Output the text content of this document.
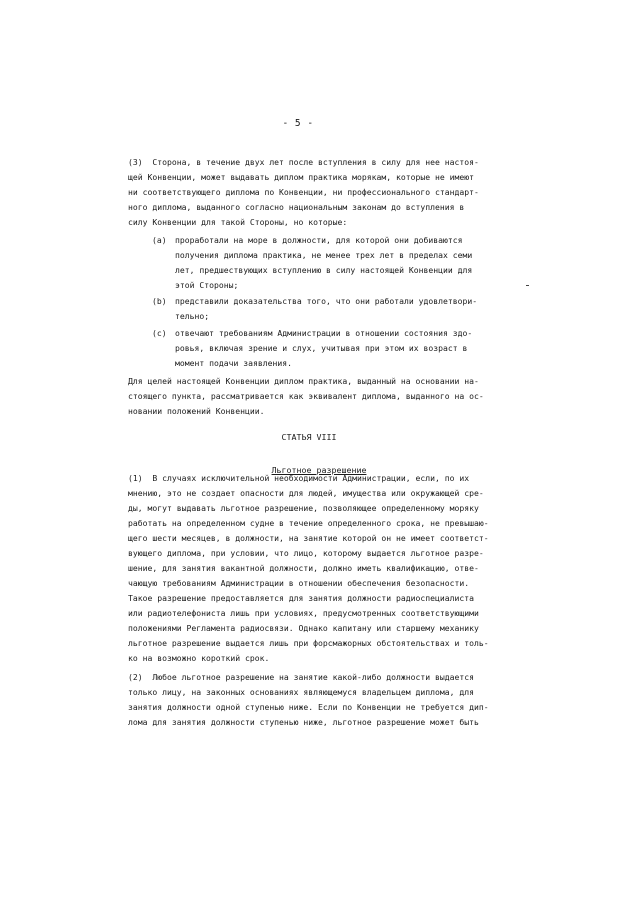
- 5 -
(3)  Сторона, в течение двух лет после вступления в силу для нее настоя-
щей Конвенции, может выдавать диплом практика морякам, которые не имеют
ни соответствующего диплома по Конвенции, ни профессионального стандарт-
ного диплома, выданного согласно национальным законам до вступления в
силу Конвенции для такой Стороны, но которые:
(a) проработали на море в должности, для которой они добиваются
получения диплома практика, не менее трех лет в пределах семи
лет, предшествующих вступлению в силу настоящей Конвенции для
этой Стороны;
(b) представили доказательства того, что они работали удовлетвори-
тельно;
(c) отвечают требованиям Администрации в отношении состояния здо-
ровья, включая зрение и слух, учитывая при этом их возраст в
момент подачи заявления.
Для целей настоящей Конвенции диплом практика, выданный на основании на-
стоящего пункта, рассматривается как эквивалент диплома, выданного на ос-
новании положений Конвенции.
СТАТЬЯ VIII

Льготное разрешение

(1)  В случаях исключительной необходимости Администрации, если, по их
мнению, это не создает опасности для людей, имущества или окружающей сре-
ды, могут выдавать льготное разрешение, позволяющее определенному моряку
работать на определенном судне в течение определенного срока, не превышаю-
щего шести месяцев, в должности, на занятие которой он не имеет соответст-
вующего диплома, при условии, что лицо, которому выдается льготное разре-
шение, для занятия вакантной должности, должно иметь квалификацию, отве-
чающую требованиям Администрации в отношении обеспечения безопасности.
Такое разрешение предоставляется для занятия должности радиоспециалиста
или радиотелефониста лишь при условиях, предусмотренных соответствующими
положениями Регламента радиосвязи. Однако капитану или старшему механику
льготное разрешение выдается лишь при форсмажорных обстоятельствах и толь-
ко на возможно короткий срок.
(2)  Любое льготное разрешение на занятие какой-либо должности выдается
только лицу, на законных основаниях являющемуся владельцем диплома, для
занятия должности одной ступенью ниже. Если по Конвенции не требуется дип-
лома для занятия должности ступенью ниже, льготное разрешение может быть
